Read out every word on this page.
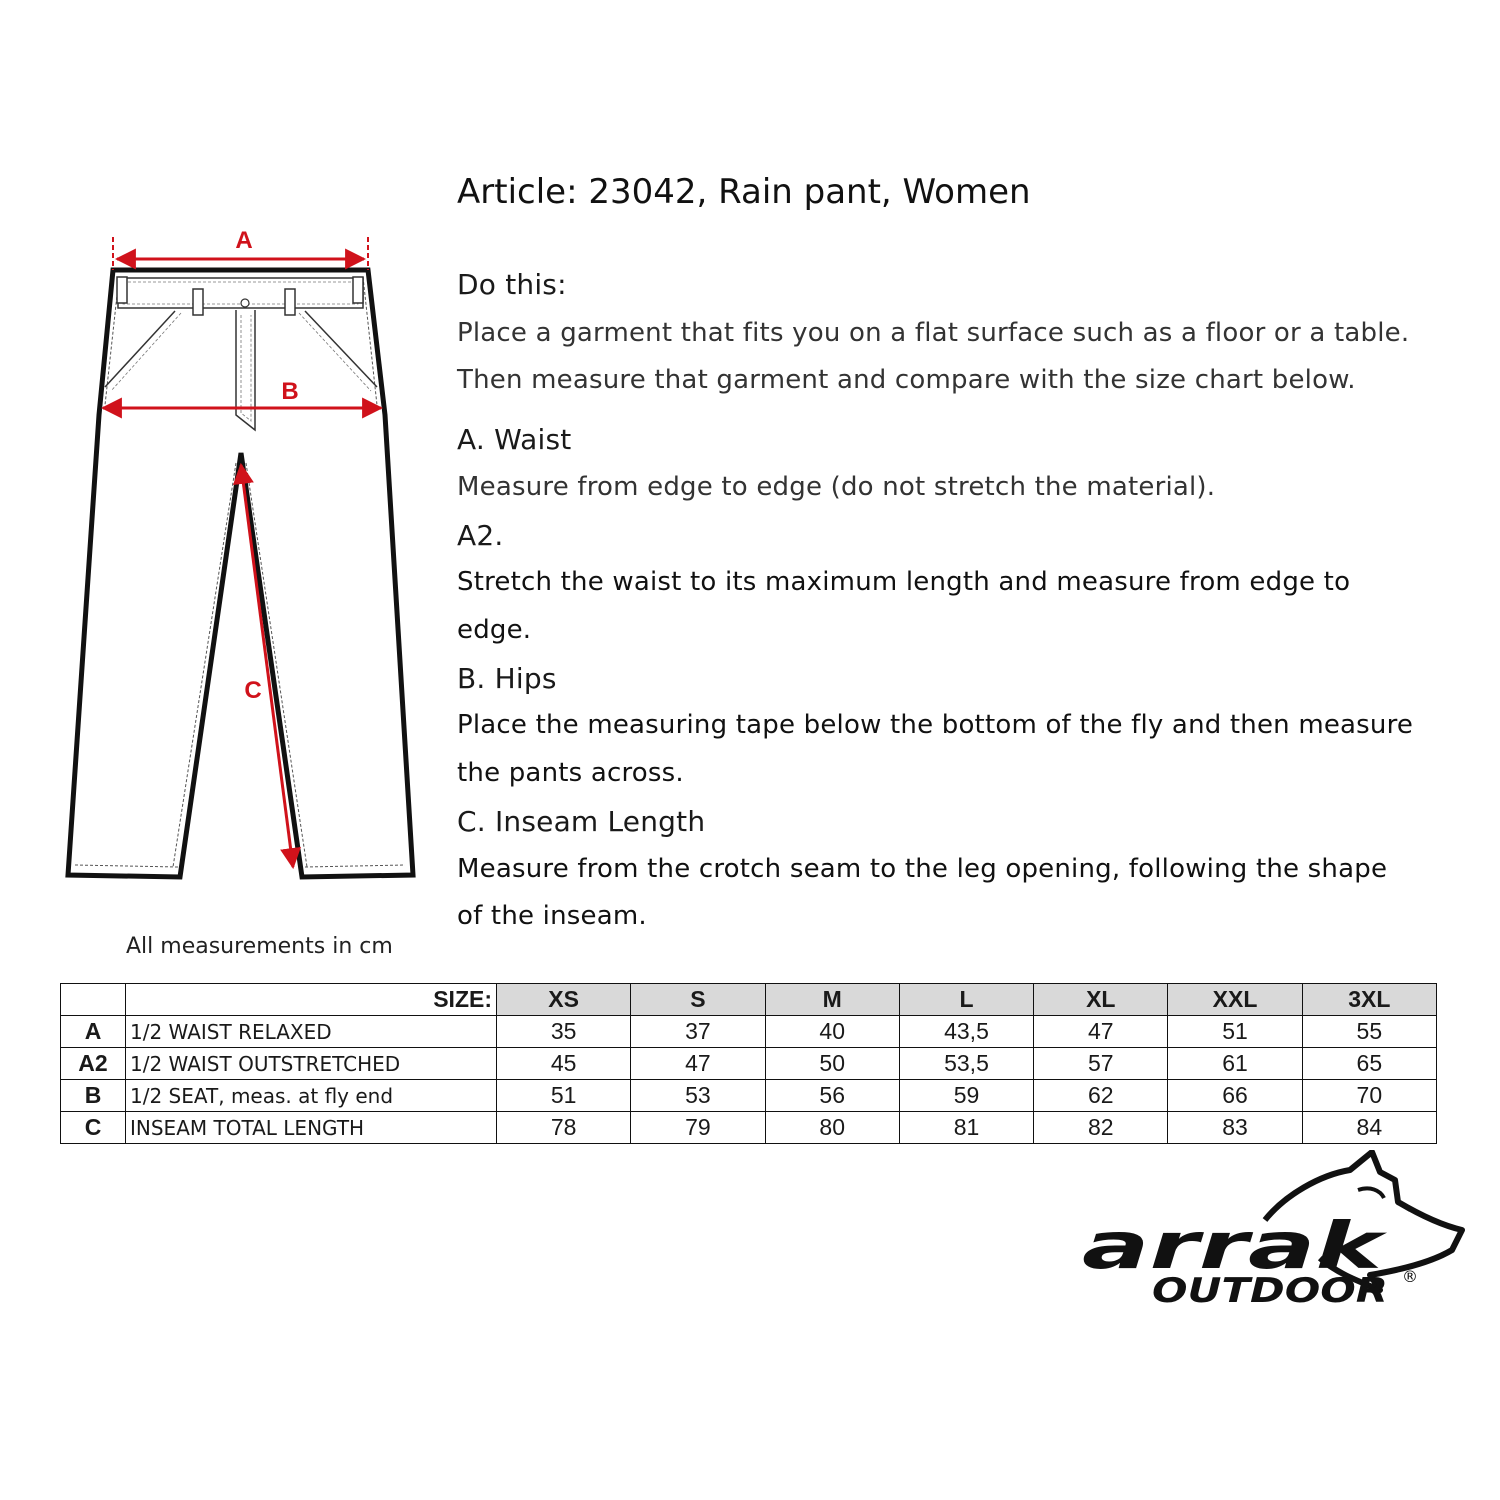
A
B
C
All measurements in cm
Article: 23042, Rain pant, Women
Do this:
Place a garment that fits you on a flat surface such as a floor or a table.
Then measure that garment and compare with the size chart below.
A. Waist
Measure from edge to edge (do not stretch the material).
A2.
Stretch the waist to its maximum length and measure from edge to
edge.
B. Hips
Place the measuring tape below the bottom of the fly and then measure
the pants across.
C. Inseam Length
Measure from the crotch seam to the leg opening, following the shape
of the inseam.
	SIZE:	XS	S	M	L	XL	XXL	3XL
A	1/2 WAIST RELAXED	35	37	40	43,5	47	51	55
A2	1/2 WAIST OUTSTRETCHED	45	47	50	53,5	57	61	65
B	1/2 SEAT, meas. at fly end	51	53	56	59	62	66	70
C	INSEAM TOTAL LENGTH	78	79	80	81	82	83	84
arrak
OUTDOOR ®
